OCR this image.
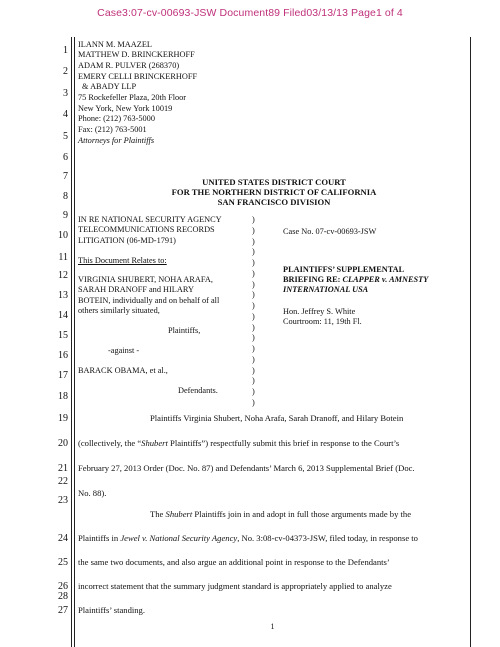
Case3:07-cv-00693-JSW Document89 Filed03/13/13 Page1 of 4
1
2
3
4
5
6
7
8
9
10
11
12
13
14
15
16
17
18
19
20
21
22
23
24
25
26
27
28
ILANN M. MAAZEL
MATTHEW D. BRINCKERHOFF
ADAM R. PULVER (268370)
EMERY CELLI BRINCKERHOFF
& ABADY LLP
75 Rockefeller Plaza, 20th Floor
New York, New York 10019
Phone: (212) 763-5000
Fax: (212) 763-5001
Attorneys for Plaintiffs
UNITED STATES DISTRICT COURT
FOR THE NORTHERN DISTRICT OF CALIFORNIA
SAN FRANCISCO DIVISION
IN RE NATIONAL SECURITY AGENCY
TELECOMMUNICATIONS RECORDS
LITIGATION (06-MD-1791)
This Document Relates to:
VIRGINIA SHUBERT, NOHA ARAFA,
SARAH DRANOFF and HILARY
BOTEIN, individually and on behalf of all
others similarly situated,
Plaintiffs,
-against -
BARACK OBAMA, et al.,
Defendants.
)
)
)
)
)
)
)
)
)
)
)
)
)
)
)
)
)
)
Case No. 07-cv-00693-JSW
PLAINTIFFS’ SUPPLEMENTAL
BRIEFING RE: CLAPPER v. AMNESTY
INTERNATIONAL USA
Hon. Jeffrey S. White
Courtroom: 11, 19th Fl.
Plaintiffs Virginia Shubert, Noha Arafa, Sarah Dranoff, and Hilary Botein
(collectively, the “Shubert Plaintiffs”) respectfully submit this brief in response to the Court’s
February 27, 2013 Order (Doc. No. 87) and Defendants’ March 6, 2013 Supplemental Brief (Doc.
No. 88).
The Shubert Plaintiffs join in and adopt in full those arguments made by the
Plaintiffs in Jewel v. National Security Agency, No. 3:08-cv-04373-JSW, filed today, in response to
the same two documents, and also argue an additional point in response to the Defendants’
incorrect statement that the summary judgment standard is appropriately applied to analyze
Plaintiffs’ standing.
1
